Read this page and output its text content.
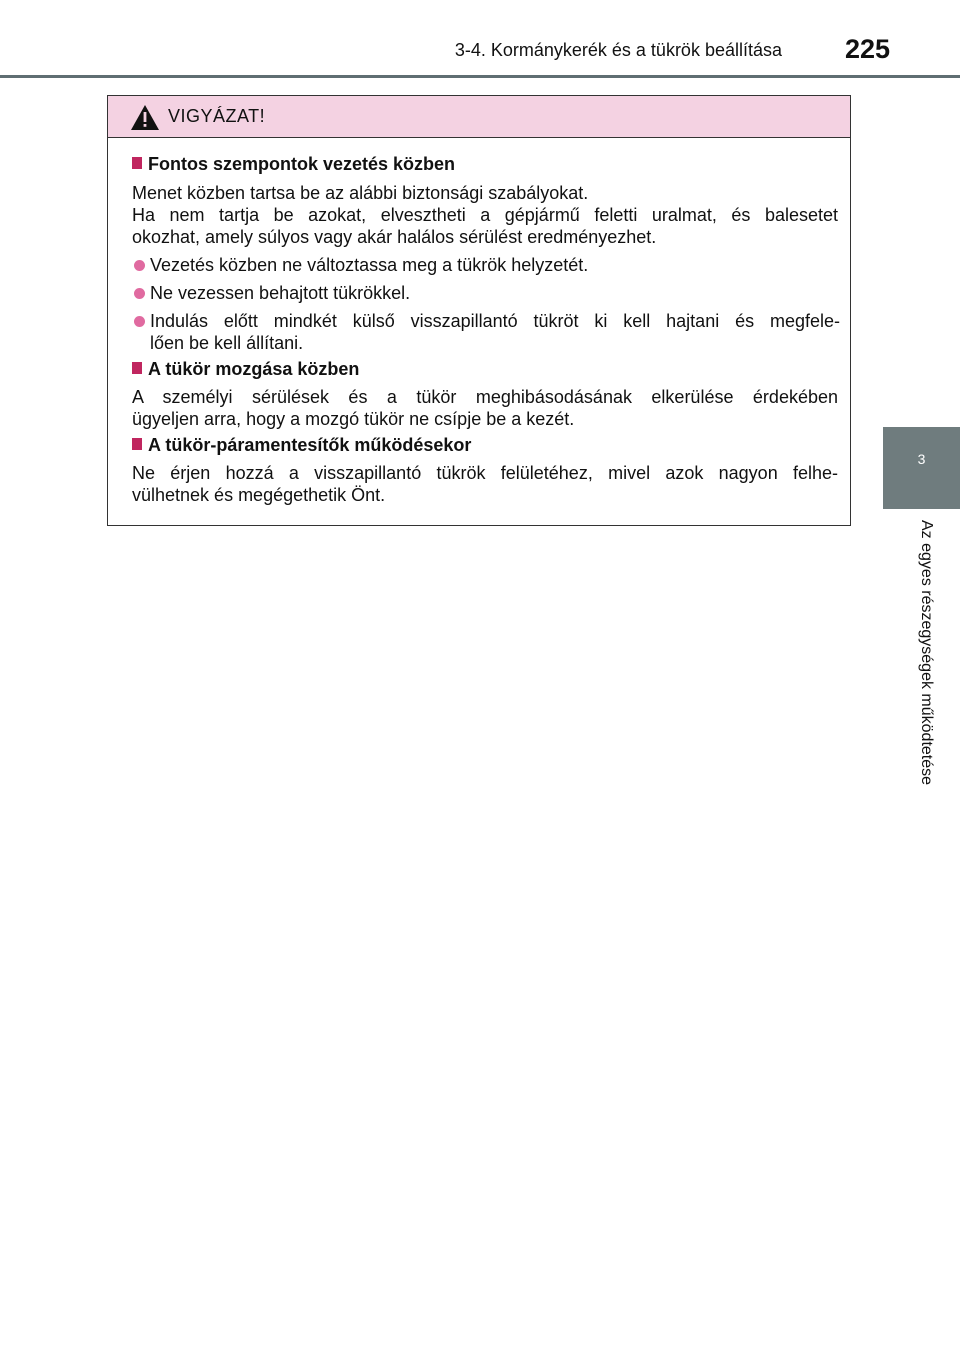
3-4. Kormánykerék és a tükrök beállítása	225
3
Az egyes részegységek működtetése
VIGYÁZAT!
Fontos szempontok vezetés közben
Menet közben tartsa be az alábbi biztonsági szabályokat.
Ha nem tartja be azokat, elvesztheti a gépjármű feletti uralmat, és balesetet
okozhat, amely súlyos vagy akár halálos sérülést eredményezhet.
Vezetés közben ne változtassa meg a tükrök helyzetét.
Ne vezessen behajtott tükrökkel.
Indulás előtt mindkét külső visszapillantó tükröt ki kell hajtani és megfele-
lően be kell állítani.
A tükör mozgása közben
A személyi sérülések és a tükör meghibásodásának elkerülése érdekében
ügyeljen arra, hogy a mozgó tükör ne csípje be a kezét.
A tükör-páramentesítők működésekor
Ne érjen hozzá a visszapillantó tükrök felületéhez, mivel azok nagyon felhe-
vülhetnek és megégethetik Önt.
